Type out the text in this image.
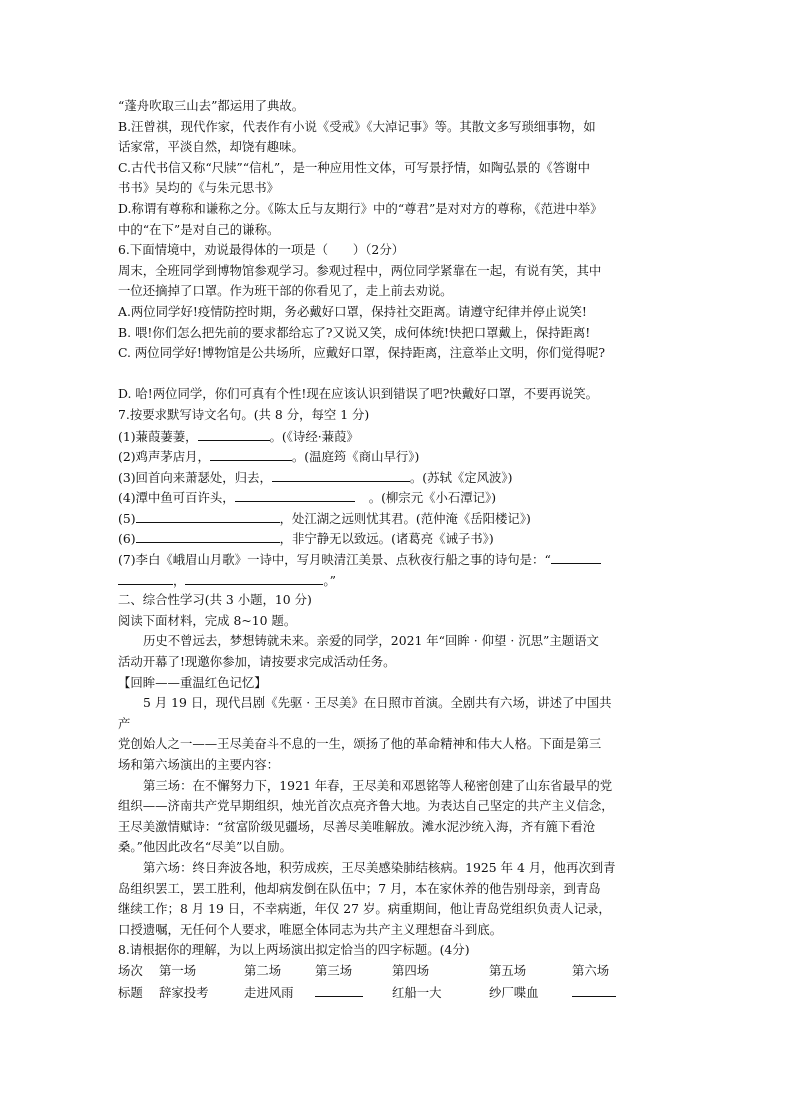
“蓬舟吹取三山去”都运用了典故。
B.汪曾祺，现代作家，代表作有小说《受戒》《大淖记事》等。其散文多写琐细事物，如
话家常，平淡自然，却饶有趣味。
C.古代书信又称“尺牍”“信札”，是一种应用性文体，可写景抒情，如陶弘景的《答谢中
书书》吴均的《与朱元思书》
D.称谓有尊称和谦称之分。《陈太丘与友期行》中的“尊君”是对对方的尊称，《范进中举》
中的“在下”是对自己的谦称。
6.下面情境中，劝说最得体的一项是（　　）（2分）
周末，全班同学到博物馆参观学习。参观过程中，两位同学紧靠在一起，有说有笑，其中
一位还摘掉了口罩。作为班干部的你看见了，走上前去劝说。
A.两位同学好!疫情防控时期，务必戴好口罩，保持社交距离。请遵守纪律并停止说笑!
B. 喂!你们怎么把先前的要求都给忘了?又说又笑，成何体统!快把口罩戴上，保持距离!
C. 两位同学好!博物馆是公共场所，应戴好口罩，保持距离，注意举止文明，你们觉得呢?
D. 哈!两位同学，你们可真有个性!现在应该认识到错误了吧?快戴好口罩，不要再说笑。
7.按要求默写诗文名句。(共 8 分，每空 1 分)
(1)蒹葭萋萋，	。(《诗经·蒹葭》
(2)鸡声茅店月，	。(温庭筠《商山早行》)
(3)回首向来萧瑟处，归去，	。(苏轼《定风波》)
(4)潭中鱼可百许头，	。(柳宗元《小石潭记》)
(5)	，处江湖之远则忧其君。(范仲淹《岳阳楼记》)
(6)	，非宁静无以致远。(诸葛亮《诫子书》)
(7)李白《峨眉山月歌》一诗中，写月映清江美景、点秋夜行船之事的诗句是：“
，	。”
二、综合性学习(共 3 小题，10 分)
阅读下面材料，完成 8~10 题。
历史不曾远去，梦想铸就未来。亲爱的同学，2021 年“回眸 · 仰望 · 沉思”主题语文
活动开幕了!现邀你参加，请按要求完成活动任务。
【回眸——重温红色记忆】
5 月 19 日，现代吕剧《先驱 · 王尽美》在日照市首演。全剧共有六场，讲述了中国共
产
党创始人之一——王尽美奋斗不息的一生，颂扬了他的革命精神和伟大人格。下面是第三
场和第六场演出的主要内容：
第三场：在不懈努力下，1921 年春，王尽美和邓恩铭等人秘密创建了山东省最早的党
组织——济南共产党早期组织，烛光首次点亮齐鲁大地。为表达自己坚定的共产主义信念，
王尽美激情赋诗：“贫富阶级见疆场，尽善尽美唯解放。滩水泥沙统入海，齐有簏下看沧
桑。”他因此改名“尽美”以自励。
第六场：终日奔波各地，积劳成疾，王尽美感染肺结核病。1925 年 4 月，他再次到青
岛组织罢工，罢工胜利，他却病发倒在队伍中；7 月，本在家休养的他告别母亲，到青岛
继续工作；8 月 19 日，不幸病逝，年仅 27 岁。病重期间，他让青岛党组织负责人记录，
口授遗嘱，无任何个人要求，唯愿全体同志为共产主义理想奋斗到底。
8.请根据你的理解，为以上两场演出拟定恰当的四字标题。(4分)
场次	第一场	第二场	第三场	第四场	第五场	第六场
标题	辞家投考	走进风雨		红船一大	纱厂喋血	
